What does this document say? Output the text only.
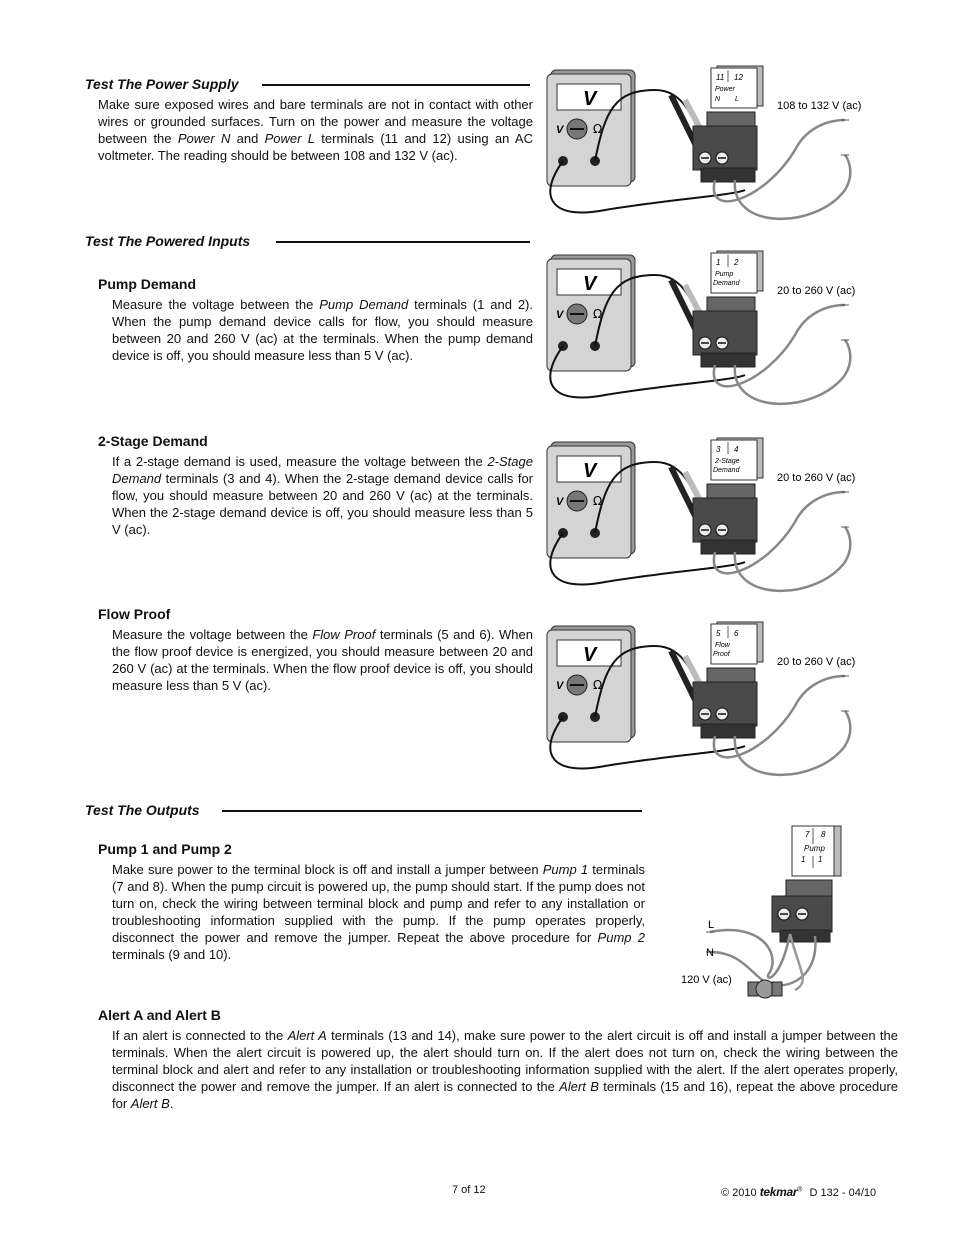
Test The Power Supply
Make sure exposed wires and bare terminals are not in contact with other wires or grounded surfaces. Turn on the power and measure the voltage between the Power N and Power L terminals (11 and 12) using an AC voltmeter. The reading should be between 108 and 132 V (ac).
Test The Powered Inputs
Pump Demand
Measure the voltage between the Pump Demand terminals (1 and 2). When the pump demand device calls for flow, you should measure between 20 and 260 V (ac) at the terminals. When the pump demand device is off, you should measure less than 5 V (ac).
2-Stage Demand
If a 2-stage demand is used, measure the voltage between the 2-Stage Demand terminals (3 and 4). When the 2-stage demand device calls for flow, you should measure between 20 and 260 V (ac) at the terminals. When the 2-stage demand device is off, you should measure less than 5 V (ac).
Flow Proof
Measure the voltage between the Flow Proof terminals (5 and 6). When the flow proof device is energized, you should measure between 20 and 260 V (ac) at the terminals. When the flow proof device is off, you should measure less than 5 V (ac).
Test The Outputs
Pump 1 and Pump 2
Make sure power to the terminal block is off and install a jumper between Pump 1 terminals (7 and 8). When the pump circuit is powered up, the pump should start. If the pump does not turn on, check the wiring between terminal block and pump and refer to any installation or troubleshooting information supplied with the pump. If the pump operates properly, disconnect the power and remove the jumper. Repeat the above procedure for Pump 2 terminals (9 and 10).
Alert A and Alert B
If an alert is connected to the Alert A terminals (13 and 14), make sure power to the alert circuit is off and install a jumper between the terminals. When the alert circuit is powered up, the alert should turn on. If the alert does not turn on, check the wiring between the terminal block and alert and refer to any installation or troubleshooting information supplied with the alert. If the alert operates properly, disconnect the power and remove the jumper. If an alert is connected to the Alert B terminals (15 and 16), repeat the above procedure for Alert B.
V
V Ω
11 12
Power
N L
108 to 132 V (ac)
V
V Ω
1 2
Pump
Demand
20 to 260 V (ac)
V
V Ω
3 4
2-Stage
Demand
20 to 260 V (ac)
V
V Ω
5 6
Flow
Proof
20 to 260 V (ac)
7 8
Pump
1 1
L
N
120 V (ac)
7 of 12	© 2010 tekmar® D 132 - 04/10
